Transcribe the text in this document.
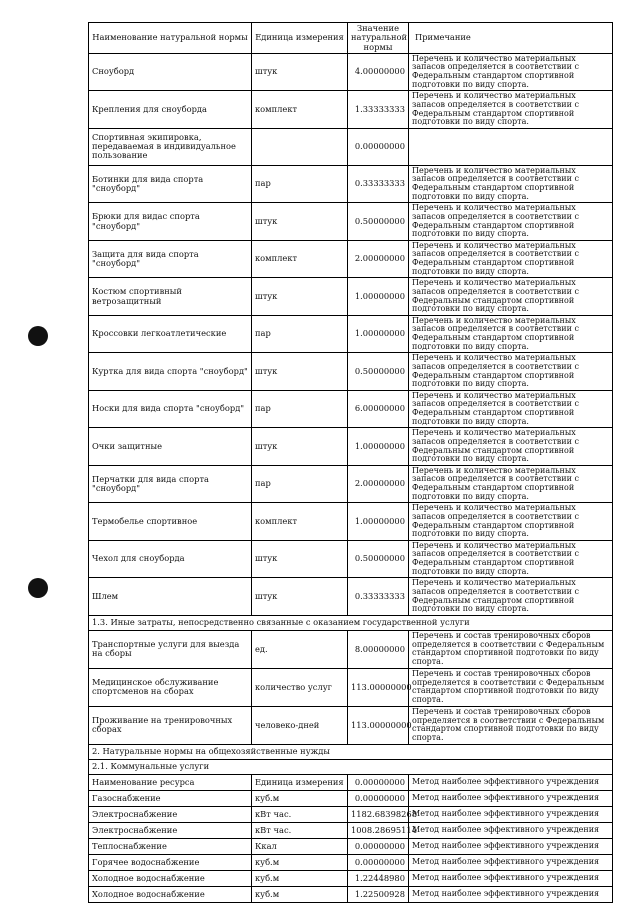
Наименование натуральной нормы	Единица измерения	Значение натуральной нормы	Примечание
Сноуборд	штук	4.00000000	Перечень и количество материальных запасов определяется в соответствии с Федеральным стандартом спортивной подготовки по виду спорта.
Крепления для сноуборда	комплект	1.33333333	Перечень и количество материальных запасов определяется в соответствии с Федеральным стандартом спортивной подготовки по виду спорта.
Спортивная экипировка, передаваемая в индивидуальное пользование		0.00000000	
Ботинки для вида спорта "сноуборд"	пар	0.33333333	Перечень и количество материальных запасов определяется в соответствии с Федеральным стандартом спортивной подготовки по виду спорта.
Брюки для видас спорта "сноуборд"	штук	0.50000000	Перечень и количество материальных запасов определяется в соответствии с Федеральным стандартом спортивной подготовки по виду спорта.
Защита для вида спорта "сноуборд"	комплект	2.00000000	Перечень и количество материальных запасов определяется в соответствии с Федеральным стандартом спортивной подготовки по виду спорта.
Костюм спортивный ветрозащитный	штук	1.00000000	Перечень и количество материальных запасов определяется в соответствии с Федеральным стандартом спортивной подготовки по виду спорта.
Кроссовки легкоатлетические	пар	1.00000000	Перечень и количество материальных запасов определяется в соответствии с Федеральным стандартом спортивной подготовки по виду спорта.
Куртка для вида спорта "сноуборд"	штук	0.50000000	Перечень и количество материальных запасов определяется в соответствии с Федеральным стандартом спортивной подготовки по виду спорта.
Носки для вида спорта "сноуборд"	пар	6.00000000	Перечень и количество материальных запасов определяется в соответствии с Федеральным стандартом спортивной подготовки по виду спорта.
Очки защитные	штук	1.00000000	Перечень и количество материальных запасов определяется в соответствии с Федеральным стандартом спортивной подготовки по виду спорта.
Перчатки для вида спорта "сноуборд"	пар	2.00000000	Перечень и количество материальных запасов определяется в соответствии с Федеральным стандартом спортивной подготовки по виду спорта.
Термобелье спортивное	комплект	1.00000000	Перечень и количество материальных запасов определяется в соответствии с Федеральным стандартом спортивной подготовки по виду спорта.
Чехол для сноуборда	штук	0.50000000	Перечень и количество материальных запасов определяется в соответствии с Федеральным стандартом спортивной подготовки по виду спорта.
Шлем	штук	0.33333333	Перечень и количество материальных запасов определяется в соответствии с Федеральным стандартом спортивной подготовки по виду спорта.
1.3. Иные затраты, непосредственно связанные с оказанием государственной услуги			
Транспортные услуги для выезда на сборы	ед.	8.00000000	Перечень и состав тренировочных сборов определяется в соответствии с Федеральным стандартом спортивной подготовки по виду спорта.
Медицинское обслуживание спортсменов на сборах	количество услуг	113.00000000	Перечень и состав тренировочных сборов определяется в соответствии с Федеральным стандартом спортивной подготовки по виду спорта.
Проживание на тренировочных сборах	человеко-дней	113.00000000	Перечень и состав тренировочных сборов определяется в соответствии с Федеральным стандартом спортивной подготовки по виду спорта.
2. Натуральные нормы на общехозяйственные нужды			
2.1. Коммунальные услуги			
Наименование ресурса	Единица измерения	0.00000000	Метод наиболее эффективного учреждения
Газоснабжение	куб.м	0.00000000	Метод наиболее эффективного учреждения
Электроснабжение	кВт час.	1182.68398268	Метод наиболее эффективного учреждения
Электроснабжение	кВт час.	1008.28695114	Метод наиболее эффективного учреждения
Теплоснабжение	Ккал	0.00000000	Метод наиболее эффективного учреждения
Горячее водоснабжение	куб.м	0.00000000	Метод наиболее эффективного учреждения
Холодное водоснабжение	куб.м	1.22448980	Метод наиболее эффективного учреждения
Холодное водоснабжение	куб.м	1.22500928	Метод наиболее эффективного учреждения
